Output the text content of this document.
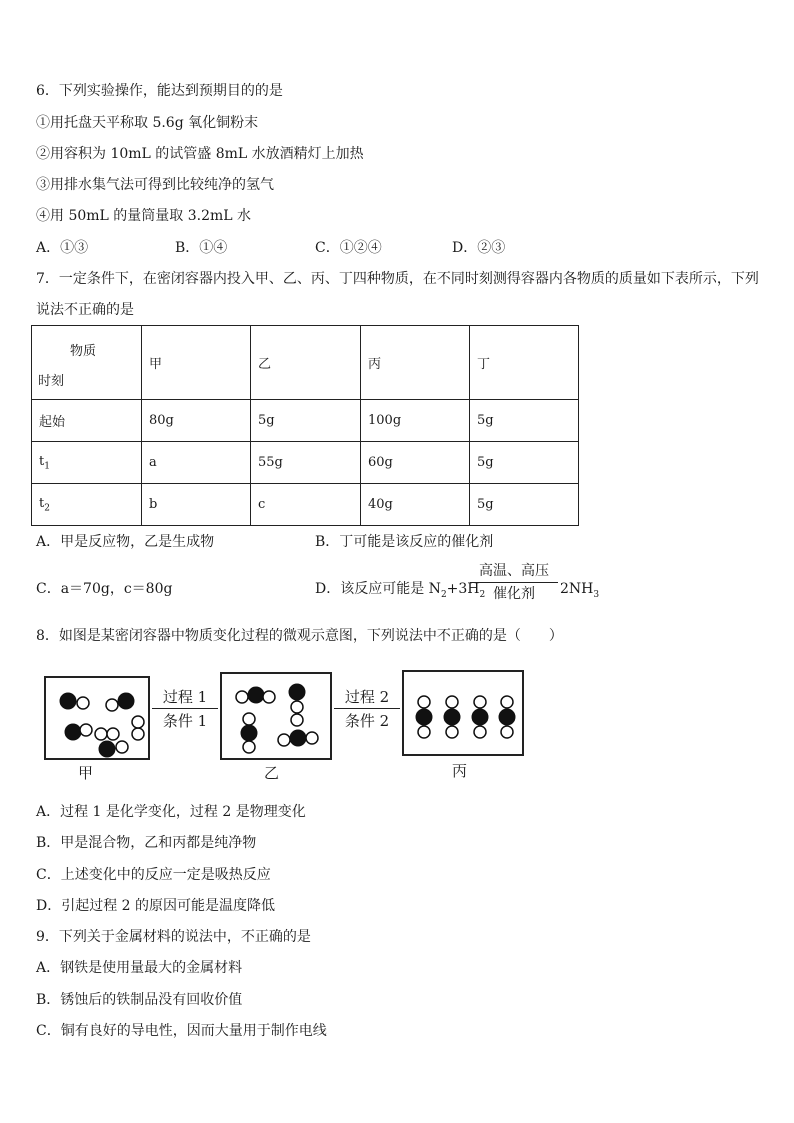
6．下列实验操作，能达到预期目的的是
①用托盘天平称取 5.6g 氧化铜粉末
②用容积为 10mL 的试管盛 8mL 水放酒精灯上加热
③用排水集气法可得到比较纯净的氢气
④用 50mL 的量筒量取 3.2mL 水
A．①③	B．①④	C．①②④	D．②③
7．一定条件下，在密闭容器内投入甲、乙、丙、丁四种物质，在不同时刻测得容器内各物质的质量如下表所示，下列
说法不正确的是
物质
时刻	甲	乙	丙	丁
起始	80g	5g	100g	5g
$t_1$	a	55g	60g	5g
$t_2$	b	c	40g	5g
A．甲是反应物，乙是生成物	B．丁可能是该反应的催化剂
C．a＝70g，c＝80g	D．该反应可能是 $N_2+3H_2$
高温、高压
催化剂	$2NH_3$
8．如图是某密闭容器中物质变化过程的微观示意图，下列说法中不正确的是（　　）
过程 1
条件 1
过程 2
条件 2
甲	乙	丙
A．过程 1 是化学变化，过程 2 是物理变化
B．甲是混合物，乙和丙都是纯净物
C．上述变化中的反应一定是吸热反应
D．引起过程 2 的原因可能是温度降低
9．下列关于金属材料的说法中，不正确的是
A．钢铁是使用量最大的金属材料
B．锈蚀后的铁制品没有回收价值
C．铜有良好的导电性，因而大量用于制作电线
